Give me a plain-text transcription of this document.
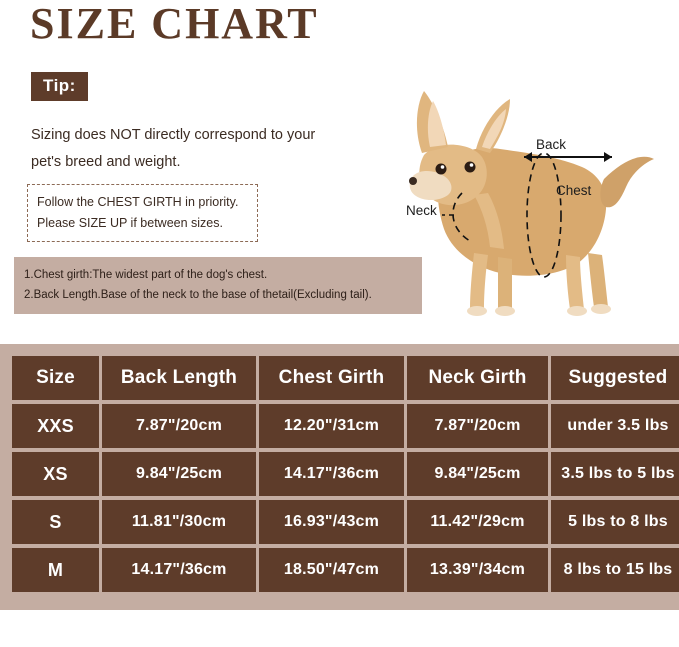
SIZE CHART
Tip:
Sizing does NOT directly correspond to your
pet's breed and weight.
Follow the CHEST GIRTH in priority.
Please SIZE UP if between sizes.
1.Chest girth:The widest part of the dog's chest.
2.Back Length.Base of the neck to the base of thetail(Excluding tail).
Back
Chest
Neck
Size	Back Length	Chest Girth	Neck Girth	Suggested
XXS	7.87"/20cm	12.20"/31cm	7.87"/20cm	under 3.5 lbs
XS	9.84"/25cm	14.17"/36cm	9.84"/25cm	3.5 lbs to 5 lbs
S	11.81"/30cm	16.93"/43cm	11.42"/29cm	5 lbs to 8 lbs
M	14.17"/36cm	18.50"/47cm	13.39"/34cm	8 lbs to 15 lbs
